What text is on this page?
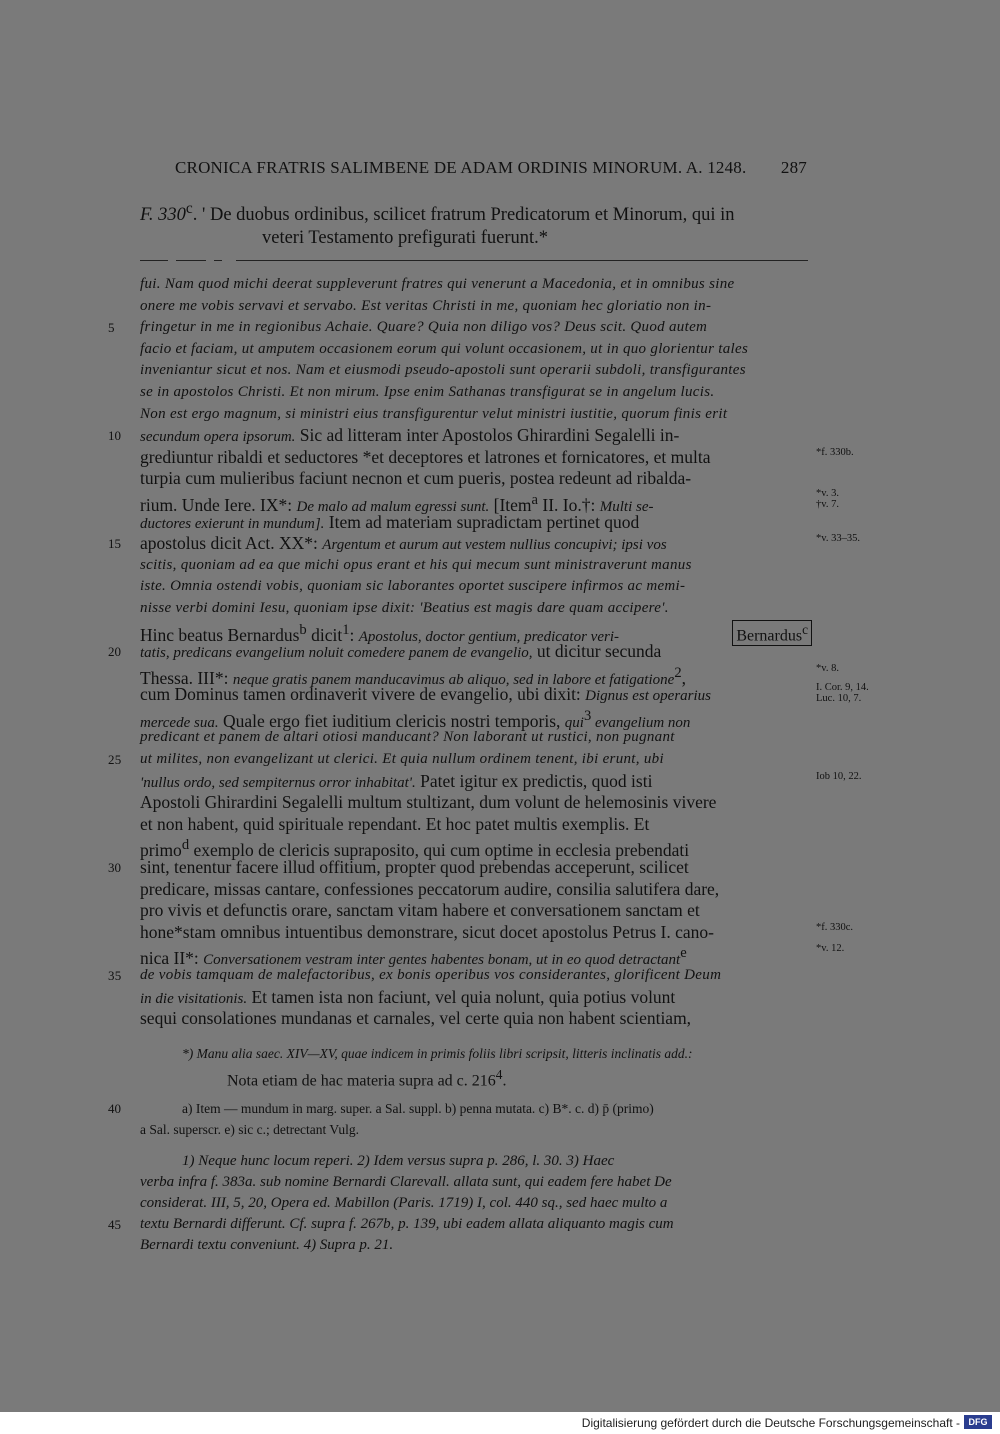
CRONICA FRATRIS SALIMBENE DE ADAM ORDINIS MINORUM. A. 1248. 287
F. 330$^c$. ' De duobus ordinibus, scilicet fratrum Predicatorum et Minorum, qui in
veteri Testamento prefigurati fuerunt.*
fui. Nam quod michi deerat suppleverunt fratres qui venerunt a Macedonia, et in omnibus sine
onere me vobis servavi et servabo. Est veritas Christi in me, quoniam hec gloriatio non in-
5 fringetur in me in regionibus Achaie. Quare? Quia non diligo vos? Deus scit. Quod autem
facio et faciam, ut amputem occasionem eorum qui volunt occasionem, ut in quo glorientur tales
inveniantur sicut et nos. Nam et eiusmodi pseudo-apostoli sunt operarii subdoli, transfigurantes
se in apostolos Christi. Et non mirum. Ipse enim Sathanas transfigurat se in angelum lucis.
Non est ergo magnum, si ministri eius transfigurentur velut ministri iustitie, quorum finis erit
10 secundum opera ipsorum. Sic ad litteram inter Apostolos Ghirardini Segalelli in-
grediuntur ribaldi et seductores *et deceptores et latrones et fornicatores, et multa	*f. 330b.
turpia cum mulieribus faciunt necnon et cum pueris, postea redeunt ad ribalda-
rium. Unde Iere. IX*: De malo ad malum egressi sunt. [Item$^a$ II. Io.†: Multi se-
*v. 3.
†v. 7.
ductores exierunt in mundum]. Item ad materiam supradictam pertinet quod
15 apostolus dicit Act. XX*: Argentum et aurum aut vestem nullius concupivi; ipsi vos	*v. 33–35.
scitis, quoniam ad ea que michi opus erant et his qui mecum sunt ministraverunt manus
iste. Omnia ostendi vobis, quoniam sic laborantes oportet suscipere infirmos ac memi-
nisse verbi domini Iesu, quoniam ipse dixit: 'Beatius est magis dare quam accipere'.
Hinc beatus Bernardus$^b$ dicit$^1$: Apostolus, doctor gentium, predicator veri-	Bernardus$^c$
20 tatis, predicans evangelium noluit comedere panem de evangelio, ut dicitur secunda
Thessa. III*: neque gratis panem manducavimus ab aliquo, sed in labore et fatigatione$^2$,	*v. 8.
cum Dominus tamen ordinaverit vivere de evangelio, ubi dixit: Dignus est operarius
I. Cor. 9, 14.
Luc. 10, 7.
mercede sua. Quale ergo fiet iuditium clericis nostri temporis, qui$^3$ evangelium non
predicant et panem de altari otiosi manducant? Non laborant ut rustici, non pugnant
25 ut milites, non evangelizant ut clerici. Et quia nullum ordinem tenent, ibi erunt, ubi
'nullus ordo, sed sempiternus orror inhabitat'. Patet igitur ex predictis, quod isti	Iob 10, 22.
Apostoli Ghirardini Segalelli multum stultizant, dum volunt de helemosinis vivere
et non habent, quid spirituale rependant. Et hoc patet multis exemplis. Et
primo$^d$ exemplo de clericis supraposito, qui cum optime in ecclesia prebendati
30 sint, tenentur facere illud offitium, propter quod prebendas acceperunt, scilicet
predicare, missas cantare, confessiones peccatorum audire, consilia salutifera dare,
pro vivis et defunctis orare, sanctam vitam habere et conversationem sanctam et
hone*stam omnibus intuentibus demonstrare, sicut docet apostolus Petrus I. cano-	*f. 330c.
nica II*: Conversationem vestram inter gentes habentes bonam, ut in eo quod detractant$^e$	*v. 12.
35 de vobis tamquam de malefactoribus, ex bonis operibus vos considerantes, glorificent Deum
in die visitationis. Et tamen ista non faciunt, vel quia nolunt, quia potius volunt
sequi consolationes mundanas et carnales, vel certe quia non habent scientiam,
*) Manu alia saec. XIV—XV, quae indicem in primis foliis libri scripsit, litteris inclinatis add.:
Nota etiam de hac materia supra ad c. $216^4$.
40	a) Item — mundum in marg. super. a Sal. suppl. b) penna mutata. c) B*. c. d) p̄ (primo)
a Sal. superscr. e) sic c.; detrectant Vulg.
1) Neque hunc locum reperi. 2) Idem versus supra p. 286, l. 30. 3) Haec
verba infra f. 383a. sub nomine Bernardi Clarevall. allata sunt, qui eadem fere habet De
considerat. III, 5, 20, Opera ed. Mabillon (Paris. 1719) I, col. 440 sq., sed haec multo a
45 textu Bernardi differunt. Cf. supra f. 267b, p. 139, ubi eadem allata aliquanto magis cum
Bernardi textu conveniunt. 4) Supra p. 21.
Digitalisierung gefördert durch die Deutsche Forschungsgemeinschaft - DFG
